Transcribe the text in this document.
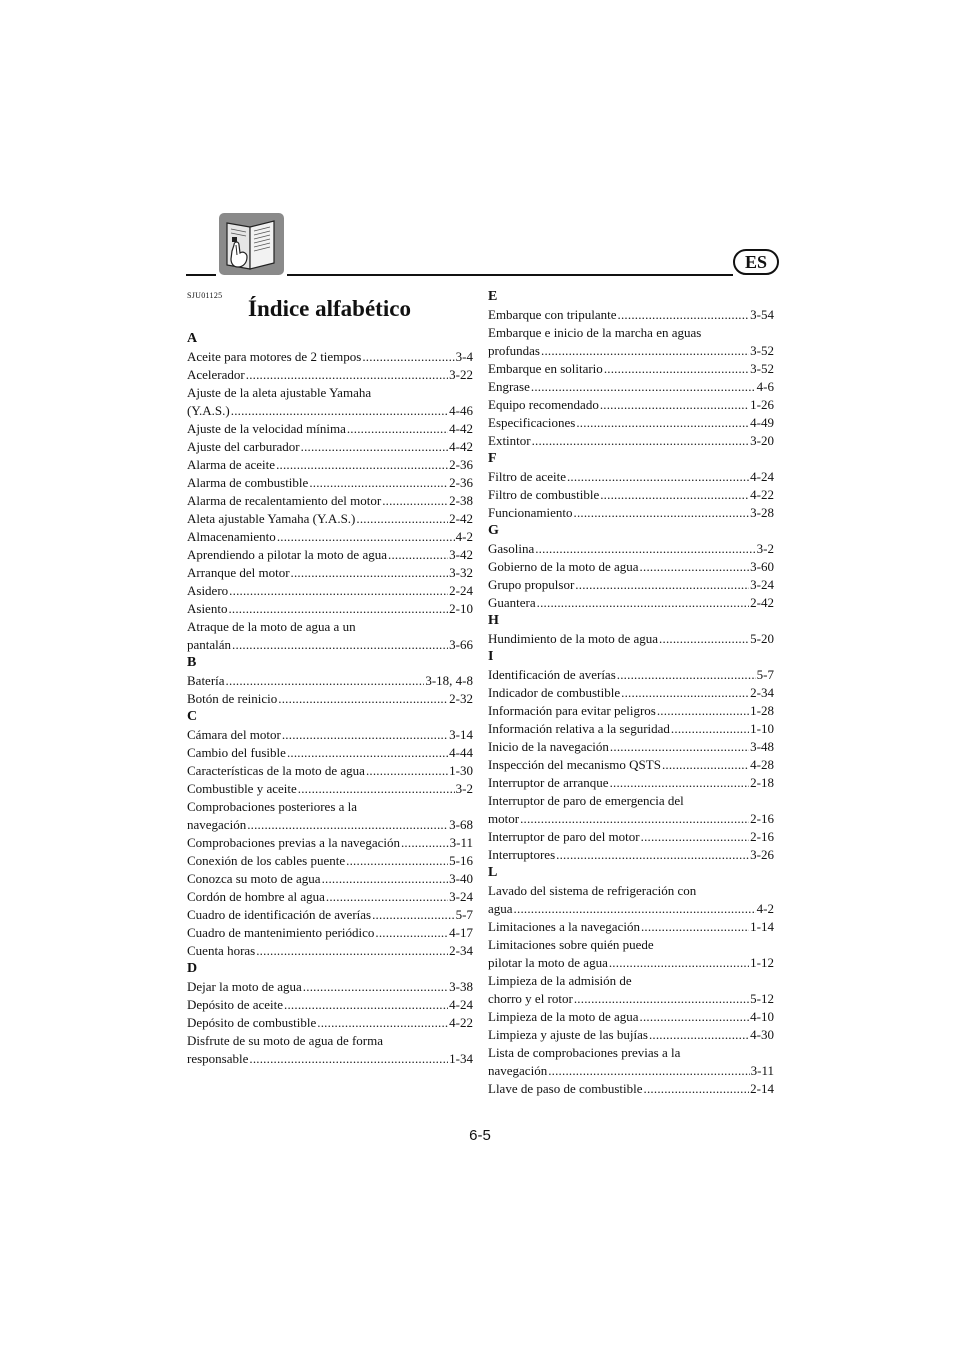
ES
SJU01125
Índice alfabético
A
Aceite para motores de 2 tiempos .....	3-4
Acelerador .....	3-22
Ajuste de la aleta ajustable Yamaha
(Y.A.S.) .....	4-46
Ajuste de la velocidad mínima .....	4-42
Ajuste del carburador .....	4-42
Alarma de aceite .....	2-36
Alarma de combustible .....	2-36
Alarma de recalentamiento del motor .....	2-38
Aleta ajustable Yamaha (Y.A.S.) .....	2-42
Almacenamiento .....	4-2
Aprendiendo a pilotar la moto de agua .....	3-42
Arranque del motor .....	3-32
Asidero .....	2-24
Asiento .....	2-10
Atraque de la moto de agua a un
pantalán .....	3-66
B
Batería .....	3-18, 4-8
Botón de reinicio .....	2-32
C
Cámara del motor .....	3-14
Cambio del fusible .....	4-44
Características de la moto de agua .....	1-30
Combustible y aceite .....	3-2
Comprobaciones posteriores a la
navegación .....	3-68
Comprobaciones previas a la navegación .....	3-11
Conexión de los cables puente .....	5-16
Conozca su moto de agua .....	3-40
Cordón de hombre al agua .....	3-24
Cuadro de identificación de averías .....	5-7
Cuadro de mantenimiento periódico .....	4-17
Cuenta horas .....	2-34
D
Dejar la moto de agua .....	3-38
Depósito de aceite .....	4-24
Depósito de combustible .....	4-22
Disfrute de su moto de agua de forma
responsable .....	1-34
E
Embarque con tripulante .....	3-54
Embarque e inicio de la marcha en aguas
profundas .....	3-52
Embarque en solitario .....	3-52
Engrase .....	4-6
Equipo recomendado .....	1-26
Especificaciones .....	4-49
Extintor .....	3-20
F
Filtro de aceite .....	4-24
Filtro de combustible .....	4-22
Funcionamiento .....	3-28
G
Gasolina .....	3-2
Gobierno de la moto de agua .....	3-60
Grupo propulsor .....	3-24
Guantera .....	2-42
H
Hundimiento de la moto de agua .....	5-20
I
Identificación de averías .....	5-7
Indicador de combustible .....	2-34
Información para evitar peligros .....	1-28
Información relativa a la seguridad .....	1-10
Inicio de la navegación .....	3-48
Inspección del mecanismo QSTS .....	4-28
Interruptor de arranque .....	2-18
Interruptor de paro de emergencia del
motor .....	2-16
Interruptor de paro del motor .....	2-16
Interruptores .....	3-26
L
Lavado del sistema de refrigeración con
agua .....	4-2
Limitaciones a la navegación .....	1-14
Limitaciones sobre quién puede
pilotar la moto de agua .....	1-12
Limpieza de la admisión de
chorro y el rotor .....	5-12
Limpieza de la moto de agua .....	4-10
Limpieza y ajuste de las bujías .....	4-30
Lista de comprobaciones previas a la
navegación .....	3-11
Llave de paso de combustible .....	2-14
6-5
